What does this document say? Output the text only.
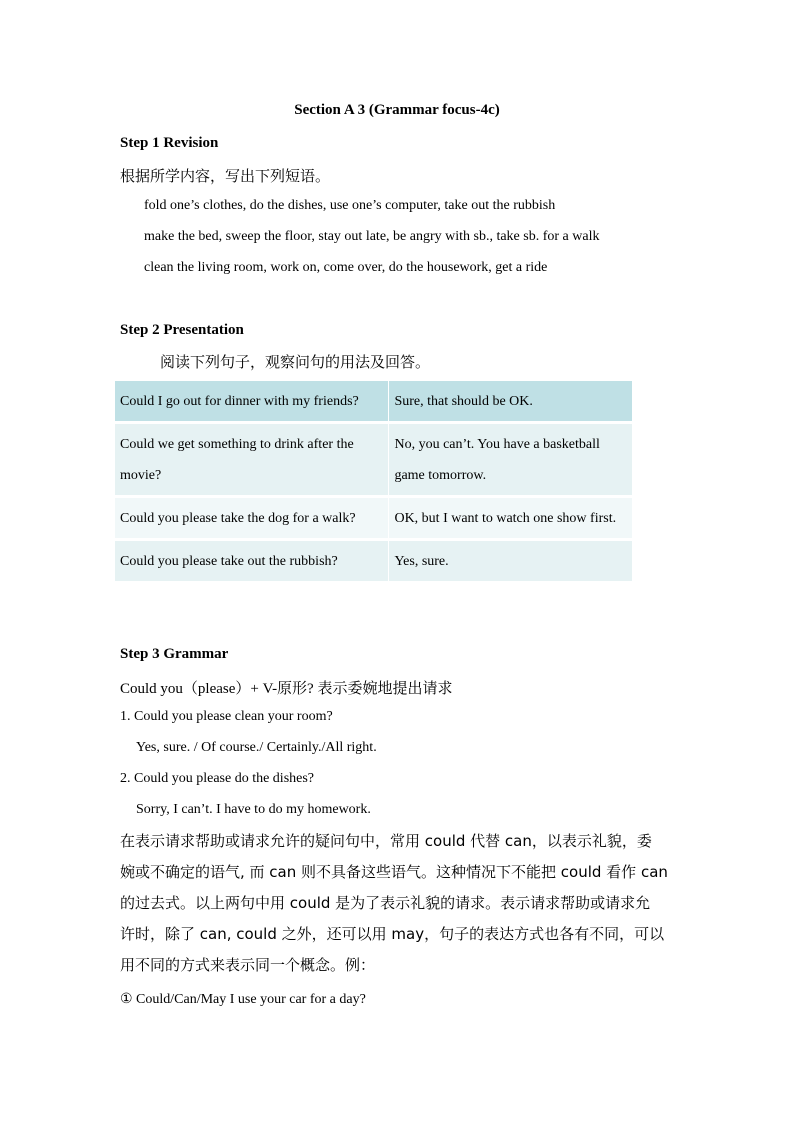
Section A 3 (Grammar focus-4c)
Step 1 Revision
根据所学内容，写出下列短语。
fold one’s clothes, do the dishes, use one’s computer, take out the rubbish
make the bed, sweep the floor, stay out late, be angry with sb., take sb. for a walk
clean the living room, work on, come over, do the housework, get a ride
Step 2 Presentation
阅读下列句子，观察问句的用法及回答。
Could I go out for dinner with my friends?	Sure, that should be OK.
Could we get something to drink after the movie?	No, you can’t. You have a basketball game tomorrow.
Could you please take the dog for a walk?	OK, but I want to watch one show first.
Could you please take out the rubbish?	Yes, sure.
Step 3 Grammar
Could you（please）+ V-原形? 表示委婉地提出请求
1. Could you please clean your room?
Yes, sure. / Of course./ Certainly./All right.
2. Could you please do the dishes?
Sorry, I can’t. I have to do my homework.
在表示请求帮助或请求允许的疑问句中，常用 could 代替 can，以表示礼貌，委
婉或不确定的语气, 而 can 则不具备这些语气。这种情况下不能把 could 看作 can
的过去式。以上两句中用 could 是为了表示礼貌的请求。表示请求帮助或请求允
许时，除了 can, could 之外，还可以用 may，句子的表达方式也各有不同，可以
用不同的方式来表示同一个概念。例：
① Could/Can/May I use your car for a day?
